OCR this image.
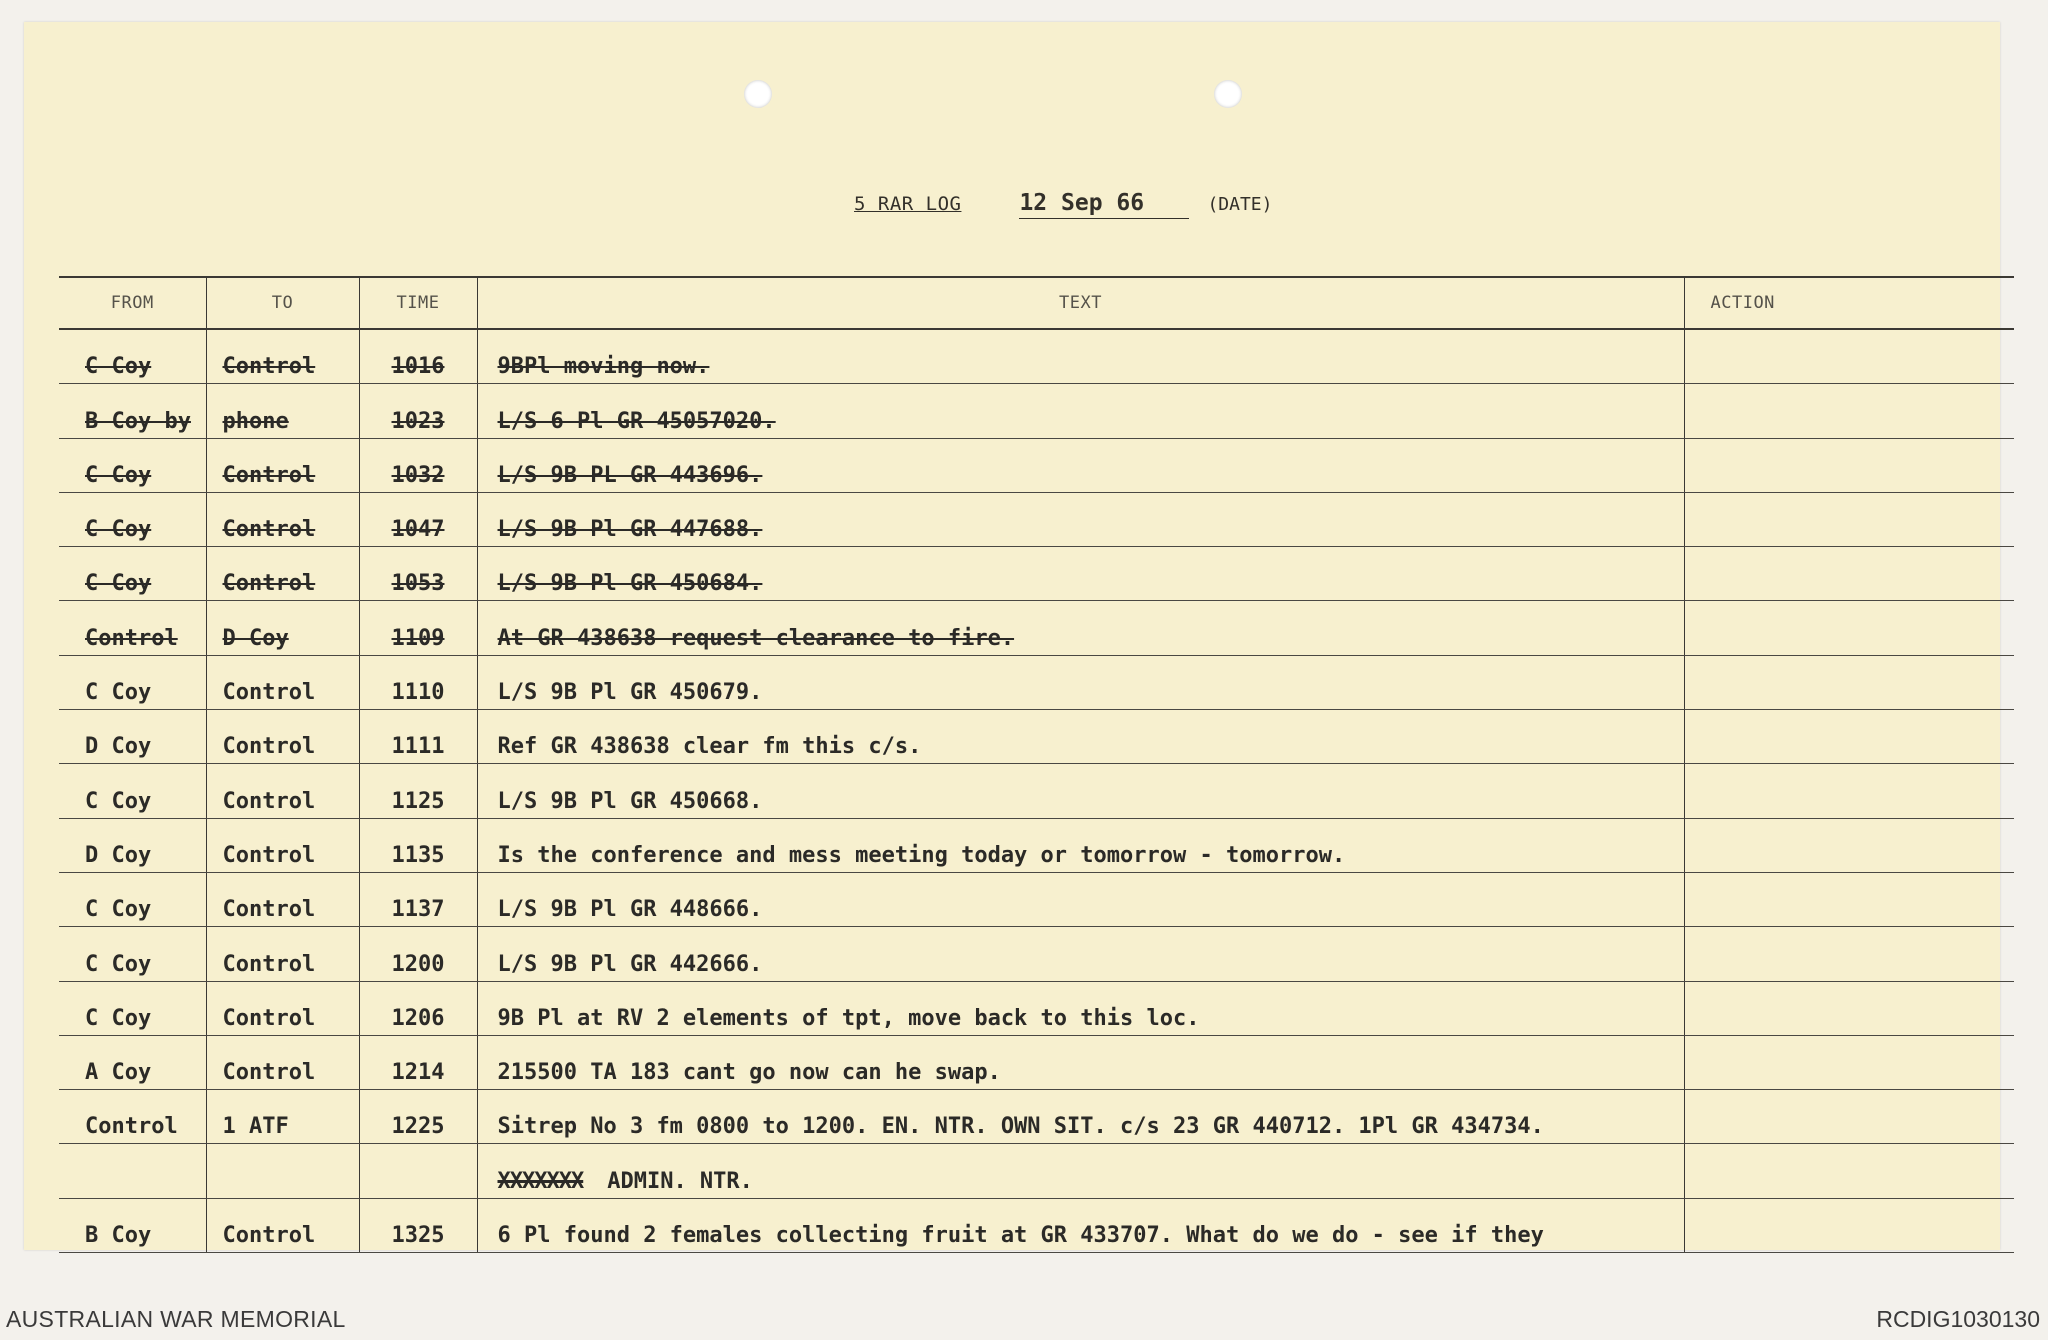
5 RAR LOG	12 Sep 66	(DATE)
FROM	TO	TIME	TEXT	ACTION
C Coy	Control	1016	9BPl moving now.	
B Coy by	phone	1023	L/S 6 Pl GR 45057020.	
C Coy	Control	1032	L/S 9B PL GR 443696.	
C Coy	Control	1047	L/S 9B Pl GR 447688.	
C Coy	Control	1053	L/S 9B Pl GR 450684.	
Control	D Coy	1109	At GR 438638 request clearance to fire.	
C Coy	Control	1110	L/S 9B Pl GR 450679.	
D Coy	Control	1111	Ref GR 438638 clear fm this c/s.	
C Coy	Control	1125	L/S 9B Pl GR 450668.	
D Coy	Control	1135	Is the conference and mess meeting today or tomorrow - tomorrow.	
C Coy	Control	1137	L/S 9B Pl GR 448666.	
C Coy	Control	1200	L/S 9B Pl GR 442666.	
C Coy	Control	1206	9B Pl at RV 2 elements of tpt, move back to this loc.	
A Coy	Control	1214	215500 TA 183 cant go now can he swap.	
Control	1 ATF	1225	Sitrep No 3 fm 0800 to 1200. EN. NTR. OWN SIT. c/s 23 GR 440712. 1Pl GR 434734.	
			XXXXXXX ADMIN. NTR.	
B Coy	Control	1325	6 Pl found 2 females collecting fruit at GR 433707. What do we do - see if they	
AUSTRALIAN WAR MEMORIAL	RCDIG1030130
